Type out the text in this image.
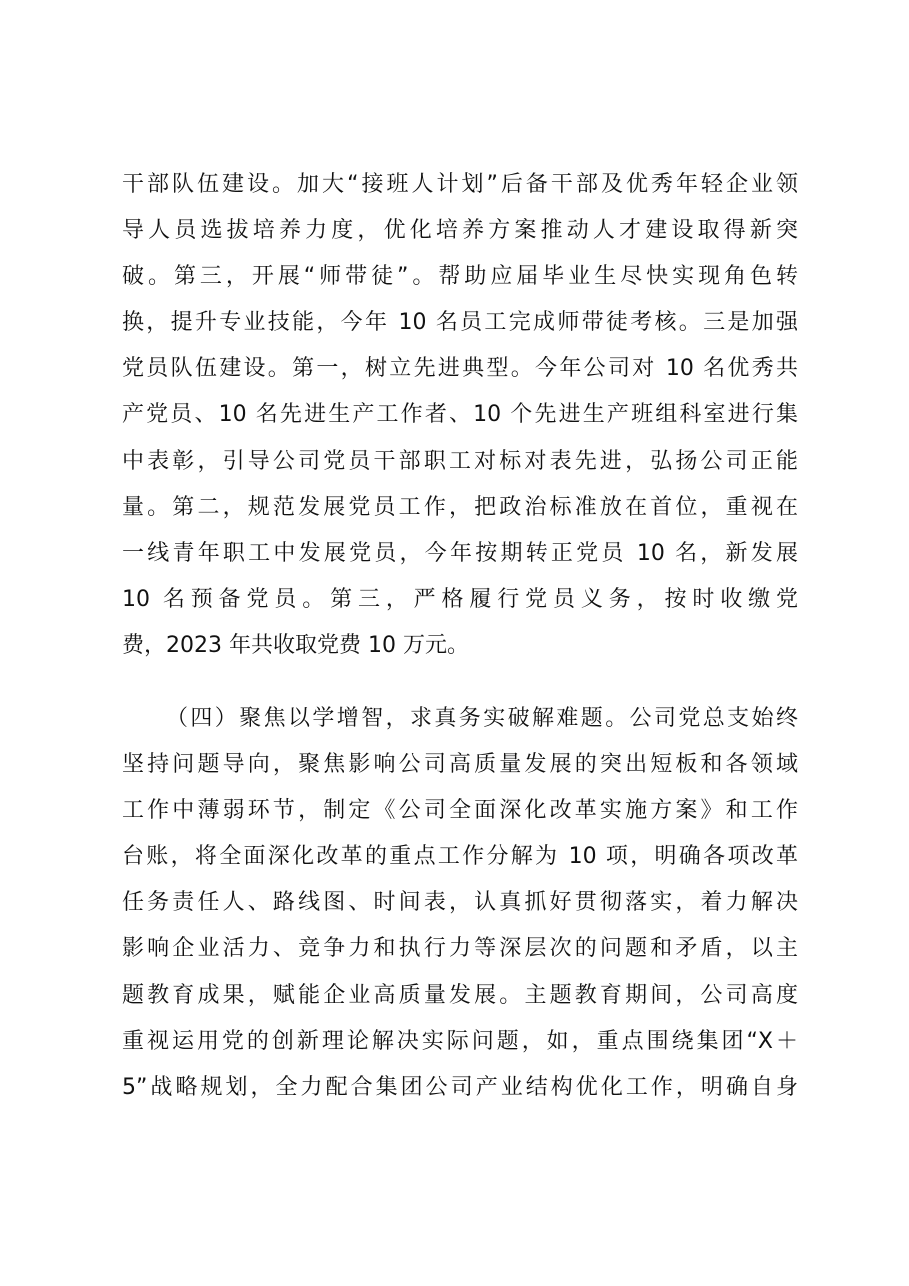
干部队伍建设。加大“接班人计划”后备干部及优秀年轻企业领
导人员选拔培养力度，优化培养方案推动人才建设取得新突
破。第三，开展“师带徒”。帮助应届毕业生尽快实现角色转
换，提升专业技能，今年 10 名员工完成师带徒考核。三是加强
党员队伍建设。第一，树立先进典型。今年公司对 10 名优秀共
产党员、10 名先进生产工作者、10 个先进生产班组科室进行集
中表彰，引导公司党员干部职工对标对表先进，弘扬公司正能
量。第二，规范发展党员工作，把政治标准放在首位，重视在
一线青年职工中发展党员，今年按期转正党员 10 名，新发展
10 名预备党员。第三，严格履行党员义务，按时收缴党
费，2023 年共收取党费 10 万元。
（四）聚焦以学增智，求真务实破解难题。公司党总支始终
坚持问题导向，聚焦影响公司高质量发展的突出短板和各领域
工作中薄弱环节，制定《公司全面深化改革实施方案》和工作
台账，将全面深化改革的重点工作分解为 10 项，明确各项改革
任务责任人、路线图、时间表，认真抓好贯彻落实，着力解决
影响企业活力、竞争力和执行力等深层次的问题和矛盾，以主
题教育成果，赋能企业高质量发展。主题教育期间，公司高度
重视运用党的创新理论解决实际问题，如，重点围绕集团“X＋
5”战略规划，全力配合集团公司产业结构优化工作，明确自身
